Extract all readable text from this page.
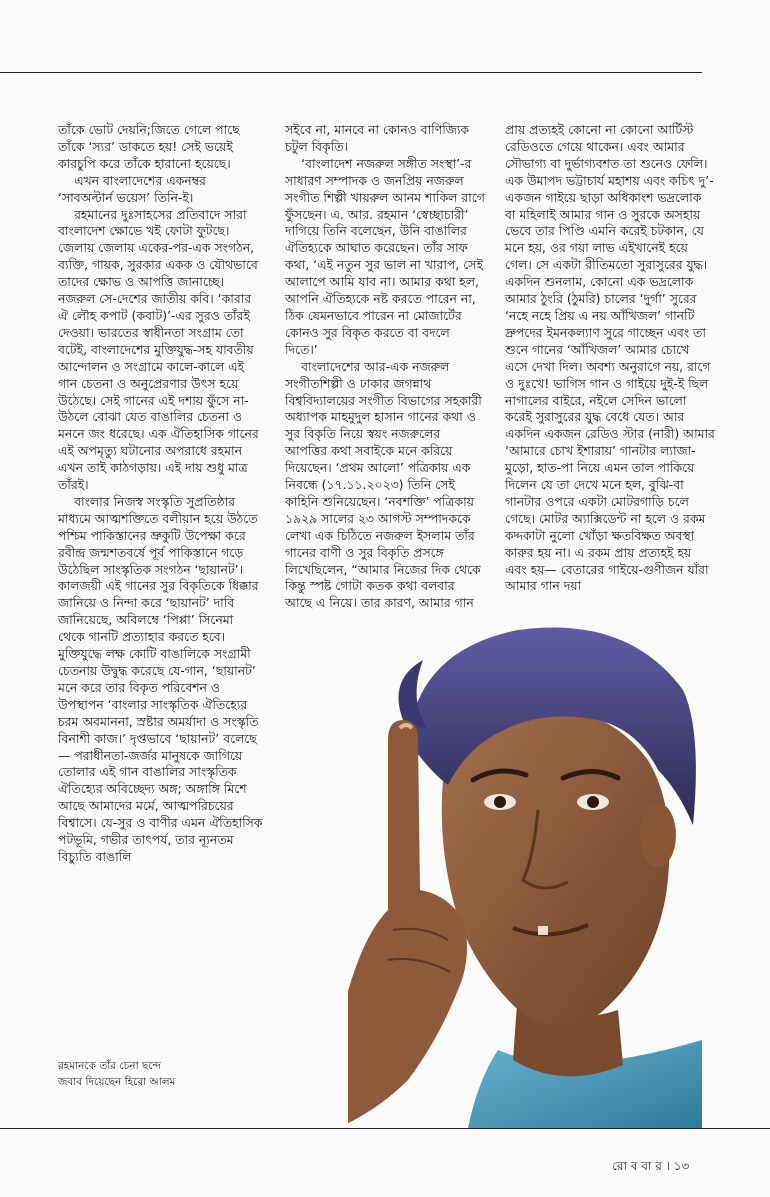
তাঁকে ভোট দেয়নি;জিতে গেলে পাছে তাঁকে ‘স্যর’ ডাকতে হয়! সেই ভয়েই কারচুপি করে তাঁকে হারানো হয়েছে।

এখন বাংলাদেশের একনম্বর ‘সাবঅল্টার্ন ভয়েস’ তিনি-ই।

রহমানের দুঃসাহসের প্রতিবাদে সারা বাংলাদেশ ক্ষোভে খই ফোটা ফুটছে। জেলায় জেলায় একের-পর-এক সংগঠন, ব্যক্তি, গায়ক, সুরকার একক ও যৌথভাবে তাদের ক্ষোভ ও আপত্তি জানাচ্ছে। নজরুল সে-দেশের জাতীয় কবি। ‘কারার ঐ লৌহ কপাট (কবাট)’-এর সুরও তাঁরই দেওয়া। ভারতের স্বাধীনতা সংগ্রাম তো বটেই, বাংলাদেশের মুক্তিযুদ্ধ-সহ যাবতীয় আন্দোলন ও সংগ্রামে কালে-কালে এই গান চেতনা ও অনুপ্রেরণার উৎস হয়ে উঠেছে। সেই গানের এই দশায় ফুঁসে না-উঠলে বোঝা যেত বাঙালির চেতনা ও মননে জং ধরেছে। এক ঐতিহাসিক গানের এই অপমৃত্যু ঘটানোর অপরাধে রহমান এখন তাই কাঠগড়ায়। এই দায় শুধু মাত্র তাঁরই।

বাংলার নিজস্ব সংস্কৃতি সুপ্রতিষ্ঠার মাধ্যমে আত্মশক্তিতে বলীয়ান হয়ে উঠতে পশ্চিম পাকিস্তানের ভ্রুকুটি উপেক্ষা করে রবীন্দ্র জন্মশতবর্ষে পূর্ব পাকিস্তানে গড়ে উঠেছিল সাংস্কৃতিক সংগঠন ‘ছায়ানট’। কালজয়ী এই গানের সুর বিকৃতিকে ধিক্কার জানিয়ে ও নিন্দা করে ‘ছায়ানট’ দাবি জানিয়েছে, অবিলম্বে ‘পিপ্পা’ সিনেমা থেকে গানটি প্রত্যাহার করতে হবে। মুক্তিযুদ্ধে লক্ষ কোটি বাঙালিকে সংগ্রামী চেতনায় উদ্বুদ্ধ করেছে যে-গান, ‘ছায়ানট’ মনে করে তার বিকৃত পরিবেশন ও উপস্থাপন ‘বাংলার সাংস্কৃতিক ঐতিহ্যের চরম অবমাননা, স্রষ্টার অমর্যাদা ও সংস্কৃতি বিনাশী কাজ।’ দৃপ্তভাবে ‘ছায়ানট’ বলেছে— পরাধীনতা-জর্জর মানুষকে জাগিয়ে তোলার এই গান বাঙালির সাংস্কৃতিক ঐতিহ্যের অবিচ্ছেদ্য অঙ্গ; অঙ্গাঙ্গি মিশে আছে আমাদের মর্মে, আত্মপরিচয়ের বিশ্বাসে। যে-সুর ও বাণীর এমন ঐতিহাসিক পটভূমি, গভীর তাৎপর্য, তার ন্যূনতম বিচ্যুতি বাঙালি

সইবে না, মানবে না কোনও বাণিজ্যিক চটুল বিকৃতি।

‘বাংলাদেশ নজরুল সঙ্গীত সংস্থা’-র সাধারণ সম্পাদক ও জনপ্রিয় নজরুল সংগীত শিল্পী খায়রুল আনম শাকিল রাগে ফুঁসছেন। এ. আর. রহমান ‘স্বেচ্ছাচারী’ দাগিয়ে তিনি বলেছেন, উনি বাঙালির ঐতিহ্যকে আঘাত করেছেন। তাঁর সাফ কথা, ‘এই নতুন সুর ভাল না খারাপ, সেই আলাপে আমি যাব না। আমার কথা হল, আপনি ঐতিহ্যকে নষ্ট করতে পারেন না, ঠিক যেমনভাবে পারেন না মোজার্টের কোনও সুর বিকৃত করতে বা বদলে দিতে।’

বাংলাদেশের আর-এক নজরুল সংগীতশিল্পী ও ঢাকার জগন্নাথ বিশ্ববিদ্যালয়ের সংগীত বিভাগের সহকারী অধ্যাপক মাহমুদুল হাসান গানের কথা ও সুর বিকৃতি নিয়ে স্বয়ং নজরুলের আপত্তির কথা সবাইকে মনে করিয়ে দিয়েছেন। ‘প্রথম আলো’ পত্রিকায় এক নিবন্ধে (১৭.১১.২০২৩) তিনি সেই কাহিনি শুনিয়েছেন। ‘নবশক্তি’ পত্রিকায় ১৯২৯ সালের ২৩ আগস্ট সম্পাদককে লেখা এক চিঠিতে নজরুল ইসলাম তাঁর গানের বাণী ও সুর বিকৃতি প্রসঙ্গে লিখেছিলেন, “আমার নিজের দিক থেকে কিন্তু স্পষ্ট গোটা কতক কথা বলবার আছে এ নিয়ে। তার কারণ, আমার গান

প্রায় প্রত্যহই কোনো না কোনো আর্টিস্ট রেডিওতে গেয়ে থাকেন। এবং আমার সৌভাগ্য বা দুর্ভাগ্যবশত তা শুনেও ফেলি। এক উমাপদ ভট্টাচার্য মহাশয় এবং কচিৎ দু’-একজন গাইয়ে ছাড়া অধিকাংশ ভদ্রলোক বা মহিলাই আমার গান ও সুরকে অসহায় ভেবে তার পিণ্ডি এমনি করেই চটকান, যে মনে হয়, ওর গয়া লাভ এইখানেই হয়ে গেল। সে একটা রীতিমতো সুরাসুরের যুদ্ধ। একদিন শুনলাম, কোনো এক ভদ্রলোক আমার ঠুংরি (ঠুমরি) চালের ‘দুর্গা’ সুরের ‘নহে নহে প্রিয় এ নয় আঁখিজল’ গানটি দ্রুপদের ইমনকল্যাণ সুরে গাচ্ছেন এবং তা শুনে গানের ‘আঁখিজল’ আমার চোখে এসে দেখা দিল। অবশ্য অনুরাগে নয়, রাগে ও দুঃখে! ভাগিস গান ও গাইয়ে দুই-ই ছিল নাগালের বাইরে, নইলে সেদিন ভালো করেই সুরাসুরের যুদ্ধ বেধে যেত। আর একদিন একজন রেডিও স্টার (নারী) আমার ‘আমারে চোখ ইশারায়’ গানটার ল্যাজা-মুড়ো, হাত-পা নিয়ে এমন তাল পাকিয়ে দিলেন যে তা দেখে মনে হল, বুঝি-বা গানটার ওপরে একটা মোটরগাড়ি চলে গেছে। মোটর অ্যাক্সিডেন্ট না হলে ও রকম কদ্দকাটা নুলো খোঁড়া ক্ষতবিক্ষত অবস্থা কারুর হয় না। এ রকম প্রায় প্রত্যহই হয় এবং হয়— বেতারের গাইয়ে-গুণীজন যাঁরা আমার গান দয়া

রহমানকে তাঁর চেনা ছন্দে
জবাব দিয়েছেন হিরো আলম
রো ব বা র । ১৩
